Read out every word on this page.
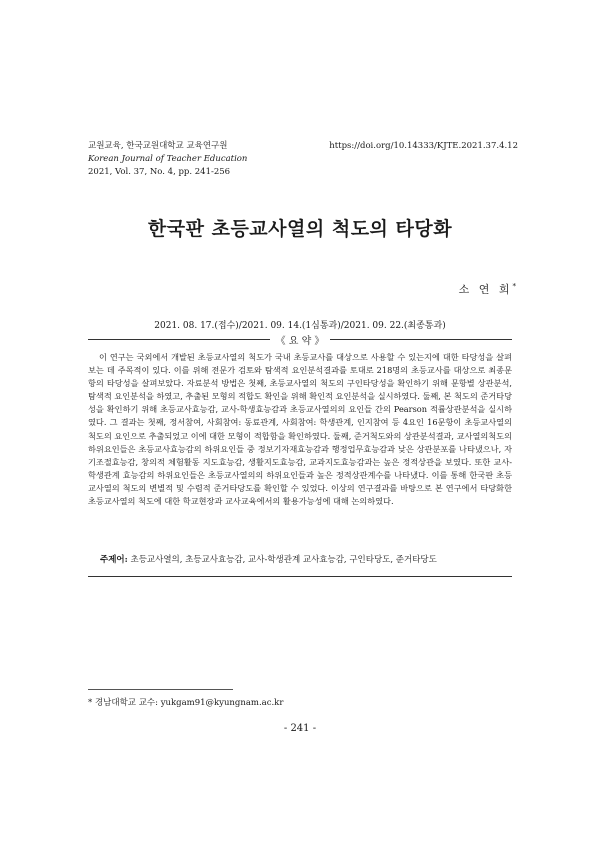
교원교육, 한국교원대학교 교육연구원	https://doi.org/10.14333/KJTE.2021.37.4.12
Korean Journal of Teacher Education
2021, Vol. 37, No. 4, pp. 241-256
한국판 초등교사열의 척도의 타당화
소 연 희*
2021. 08. 17.(접수)/2021. 09. 14.(1심통과)/2021. 09. 22.(최종통과)
《 요 약 》

이 연구는 국외에서 개발된 초등교사열의 척도가 국내 초등교사를 대상으로 사용할 수 있는지에 대한 타당성을 살펴보는 데 주목적이 있다. 이를 위해 전문가 검토와 탐색적 요인분석결과를 토대로 218명의 초등교사를 대상으로 최종문항의 타당성을 살펴보았다. 자료분석 방법은 첫째, 초등교사열의 척도의 구인타당성을 확인하기 위해 문항별 상관분석, 탐색적 요인분석을 하였고, 추출된 모형의 적합도 확인을 위해 확인적 요인분석을 실시하였다. 둘째, 본 척도의 준거타당성을 확인하기 위해 초등교사효능감, 교사-학생효능감과 초등교사열의의 요인들 간의 Pearson 적률상관분석을 실시하였다. 그 결과는 첫째, 정서참여, 사회참여: 동료관계, 사회참여: 학생관계, 인지참여 등 4요인 16문항이 초등교사열의 척도의 요인으로 추출되었고 이에 대한 모형이 적합함을 확인하였다. 둘째, 준거척도와의 상관분석결과, 교사열의척도의 하위요인들은 초등교사효능감의 하위요인들 중 정보기자재효능감과 행정업무효능감과 낮은 상관분포를 나타냈으나, 자기조절효능감, 창의적 체험활동 지도효능감, 생활지도효능감, 교과지도효능감과는 높은 정적상관을 보였다. 또한 교사-학생관계 효능감의 하위요인들은 초등교사열의의 하위요인들과 높은 정적상관계수를 나타냈다. 이를 통해 한국판 초등교사열의 척도의 변별적 및 수렴적 준거타당도를 확인할 수 있었다. 이상의 연구결과를 바탕으로 본 연구에서 타당화한 초등교사열의 척도에 대한 학교현장과 교사교육에서의 활용가능성에 대해 논의하였다.

주제어: 초등교사열의, 초등교사효능감, 교사-학생관계 교사효능감, 구인타당도, 준거타당도
* 경남대학교 교수: yukgam91@kyungnam.ac.kr
- 241 -
